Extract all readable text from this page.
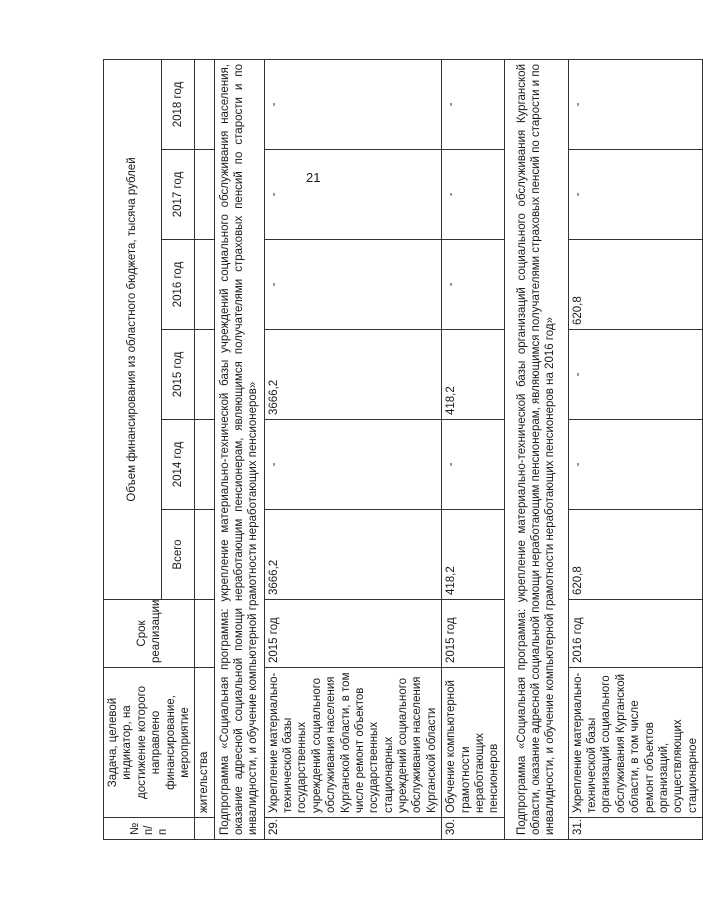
21
№ п/п	Задача, целевой индикатор, на достижение которого направлено финансирование, мероприятие	Срок реализации	Объем финансирования из областного бюджета, тысяча рублей					
			Всего	2014 год	2015 год	2016 год	2017 год	2018 год
	жительства							
Подпрограмма «Социальная программа: укрепление материально-технической базы учреждений социального обслуживания населения, оказание адресной социальной помощи неработающим пенсионерам, являющимся получателями страховых пенсий по старости и по инвалидности, и обучение компьютерной грамотности неработающих пенсионеров»								
29.	Укрепление материально-технической базы государственных учреждений социального обслуживания населения Курганской области, в том числе ремонт объектов государственных стационарных учреждений социального обслуживания населения Курганской области	2015 год	3666,2	-	3666,2	-	-	-
30.	Обучение компьютерной грамотности неработающих пенсионеров	2015 год	418,2	-	418,2	-	-	-
Подпрограмма «Социальная программа: укрепление материально-технической базы организаций социального обслуживания Курганской области, оказание адресной социальной помощи неработающим пенсионерам, являющимся получателями страховых пенсий по старости и по инвалидности, и обучение компьютерной грамотности неработающих пенсионеров на 2016 год»								
31.	Укрепление материально-технической базы организаций социального обслуживания Курганской области, в том числе ремонт объектов организаций, осуществляющих стационарное	2016 год	620,8	-	-	620,8	-	-
